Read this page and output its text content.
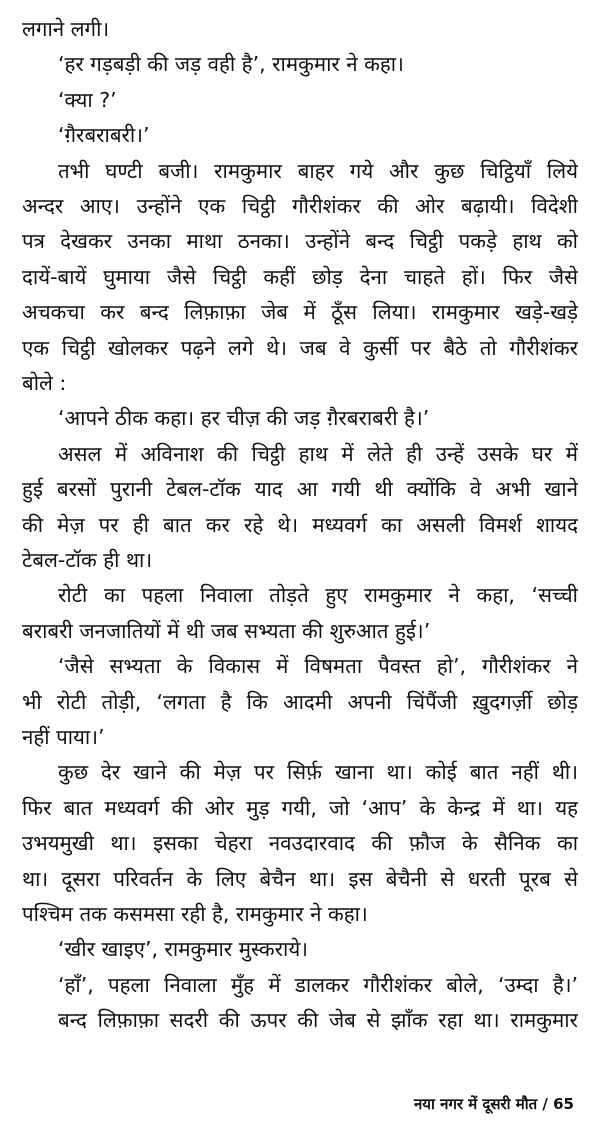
लगाने लगी।
‘हर गड़बड़ी की जड़ वही है’, रामकुमार ने कहा।
‘क्या ?’
‘ग़ैरबराबरी।’
तभी घण्टी बजी। रामकुमार बाहर गये और कुछ चिट्ठियाँ लिये
अन्दर आए। उन्होंने एक चिट्ठी गौरीशंकर की ओर बढ़ायी। विदेशी
पत्र देखकर उनका माथा ठनका। उन्होंने बन्द चिट्ठी पकड़े हाथ को
दायें-बायें घुमाया जैसे चिट्ठी कहीं छोड़ देना चाहते हों। फिर जैसे
अचकचा कर बन्द लिफ़ाफ़ा जेब में ठूँस लिया। रामकुमार खड़े-खड़े
एक चिट्ठी खोलकर पढ़ने लगे थे। जब वे कुर्सी पर बैठे तो गौरीशंकर
बोले :
‘आपने ठीक कहा। हर चीज़ की जड़ ग़ैरबराबरी है।’
असल में अविनाश की चिट्ठी हाथ में लेते ही उन्हें उसके घर में
हुई बरसों पुरानी टेबल-टॉक याद आ गयी थी क्योंकि वे अभी खाने
की मेज़ पर ही बात कर रहे थे। मध्यवर्ग का असली विमर्श शायद
टेबल-टॉक ही था।
रोटी का पहला निवाला तोड़ते हुए रामकुमार ने कहा, ‘सच्ची
बराबरी जनजातियों में थी जब सभ्यता की शुरुआत हुई।’
‘जैसे सभ्यता के विकास में विषमता पैवस्त हो’, गौरीशंकर ने
भी रोटी तोड़ी, ‘लगता है कि आदमी अपनी चिंपैंजी ख़ुदगर्ज़ी छोड़
नहीं पाया।’
कुछ देर खाने की मेज़ पर सिर्फ़ खाना था। कोई बात नहीं थी।
फिर बात मध्यवर्ग की ओर मुड़ गयी, जो ‘आप’ के केन्द्र में था। यह
उभयमुखी था। इसका चेहरा नवउदारवाद की फ़ौज के सैनिक का
था। दूसरा परिवर्तन के लिए बेचैन था। इस बेचैनी से धरती पूरब से
पश्चिम तक कसमसा रही है, रामकुमार ने कहा।
‘खीर खाइए’, रामकुमार मुस्कराये।
‘हाँ’, पहला निवाला मुँह में डालकर गौरीशंकर बोले, ‘उम्दा है।’
बन्द लिफ़ाफ़ा सदरी की ऊपर की जेब से झाँक रहा था। रामकुमार
नया नगर में दूसरी मौत / 65
